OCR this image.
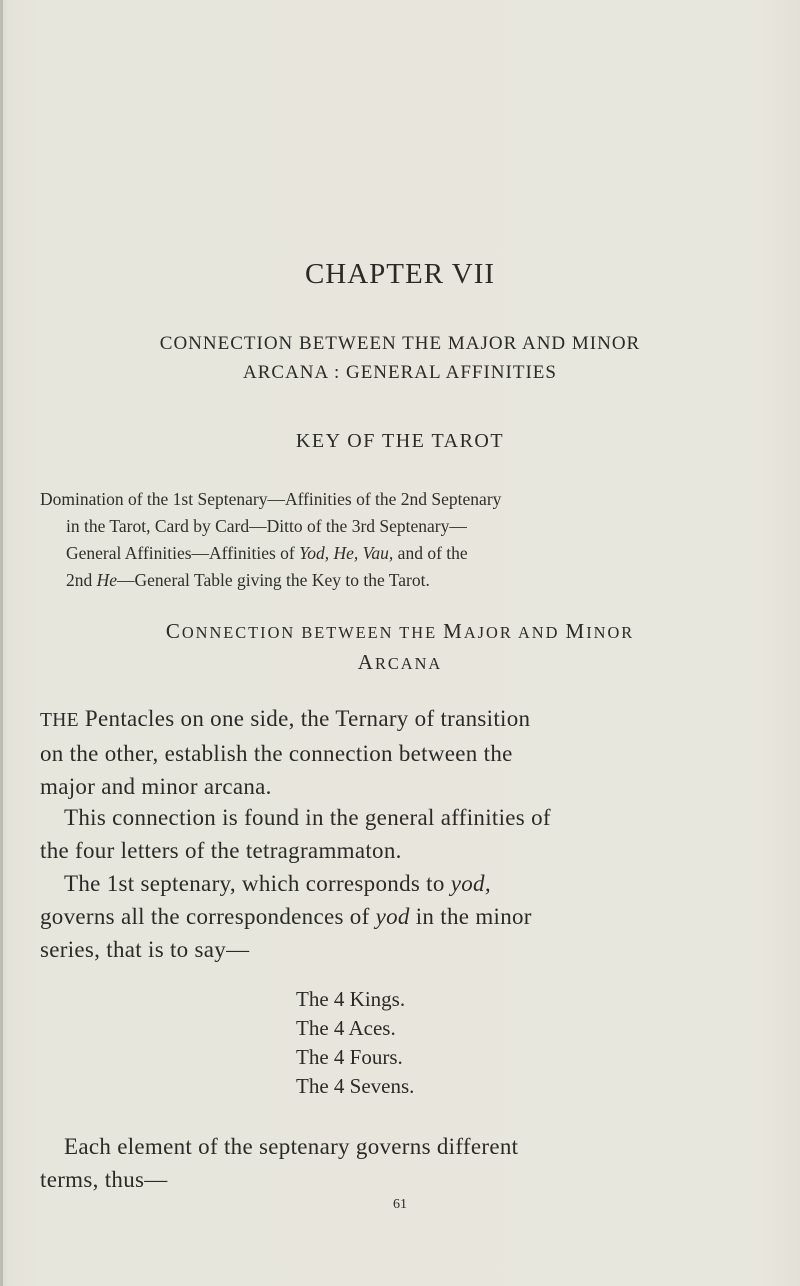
CHAPTER VII
CONNECTION BETWEEN THE MAJOR AND MINOR
ARCANA : GENERAL AFFINITIES
KEY OF THE TAROT
Domination of the 1st Septenary—Affinities of the 2nd Septenary
in the Tarot, Card by Card—Ditto of the 3rd Septenary—
General Affinities—Affinities of Yod, He, Vau, and of the
2nd He—General Table giving the Key to the Tarot.
CONNECTION BETWEEN THE MAJOR AND MINOR
ARCANA
THE Pentacles on one side, the Ternary of transition
on the other, establish the connection between the
major and minor arcana.
This connection is found in the general affinities of
the four letters of the tetragrammaton.
The 1st septenary, which corresponds to yod,
governs all the correspondences of yod in the minor
series, that is to say—
The 4 Kings.
The 4 Aces.
The 4 Fours.
The 4 Sevens.
Each element of the septenary governs different
terms, thus—
61
